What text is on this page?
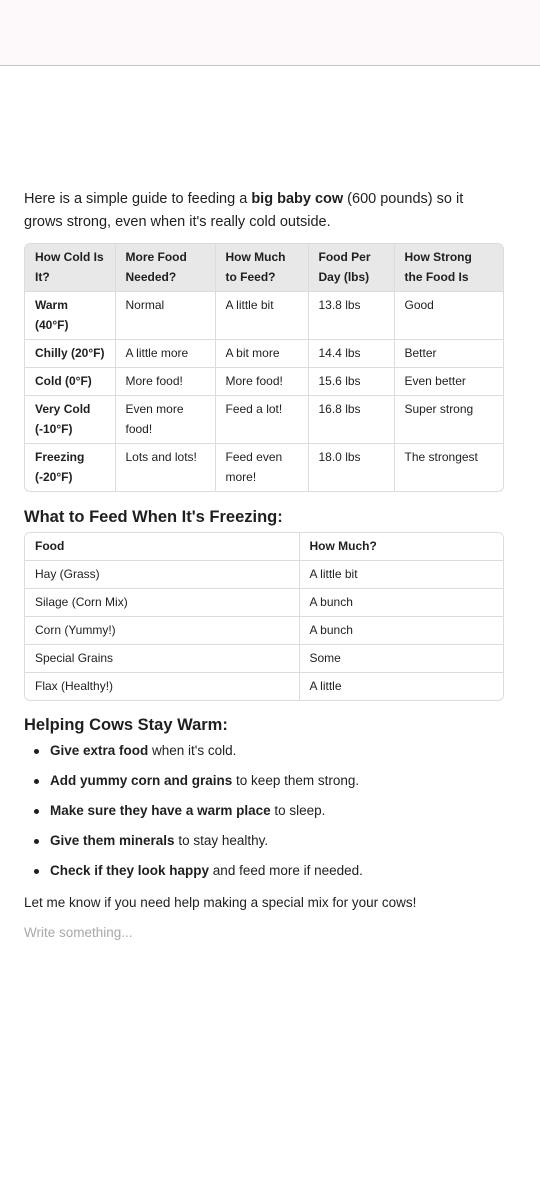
Here is a simple guide to feeding a big baby cow (600 pounds) so it grows strong, even when it's really cold outside.

How Cold Is It?	More Food Needed?	How Much to Feed?	Food Per Day (lbs)	How Strong the Food Is
Warm (40°F)	Normal	A little bit	13.8 lbs	Good
Chilly (20°F)	A little more	A bit more	14.4 lbs	Better
Cold (0°F)	More food!	More food!	15.6 lbs	Even better
Very Cold (-10°F)	Even more food!	Feed a lot!	16.8 lbs	Super strong
Freezing (-20°F)	Lots and lots!	Feed even more!	18.0 lbs	The strongest
What to Feed When It's Freezing:
Food	How Much?
Hay (Grass)	A little bit
Silage (Corn Mix)	A bunch
Corn (Yummy!)	A bunch
Special Grains	Some
Flax (Healthy!)	A little
Helping Cows Stay Warm:
Give extra food when it's cold.
Add yummy corn and grains to keep them strong.
Make sure they have a warm place to sleep.
Give them minerals to stay healthy.
Check if they look happy and feed more if needed.

Let me know if you need help making a special mix for your cows!

Write something...
